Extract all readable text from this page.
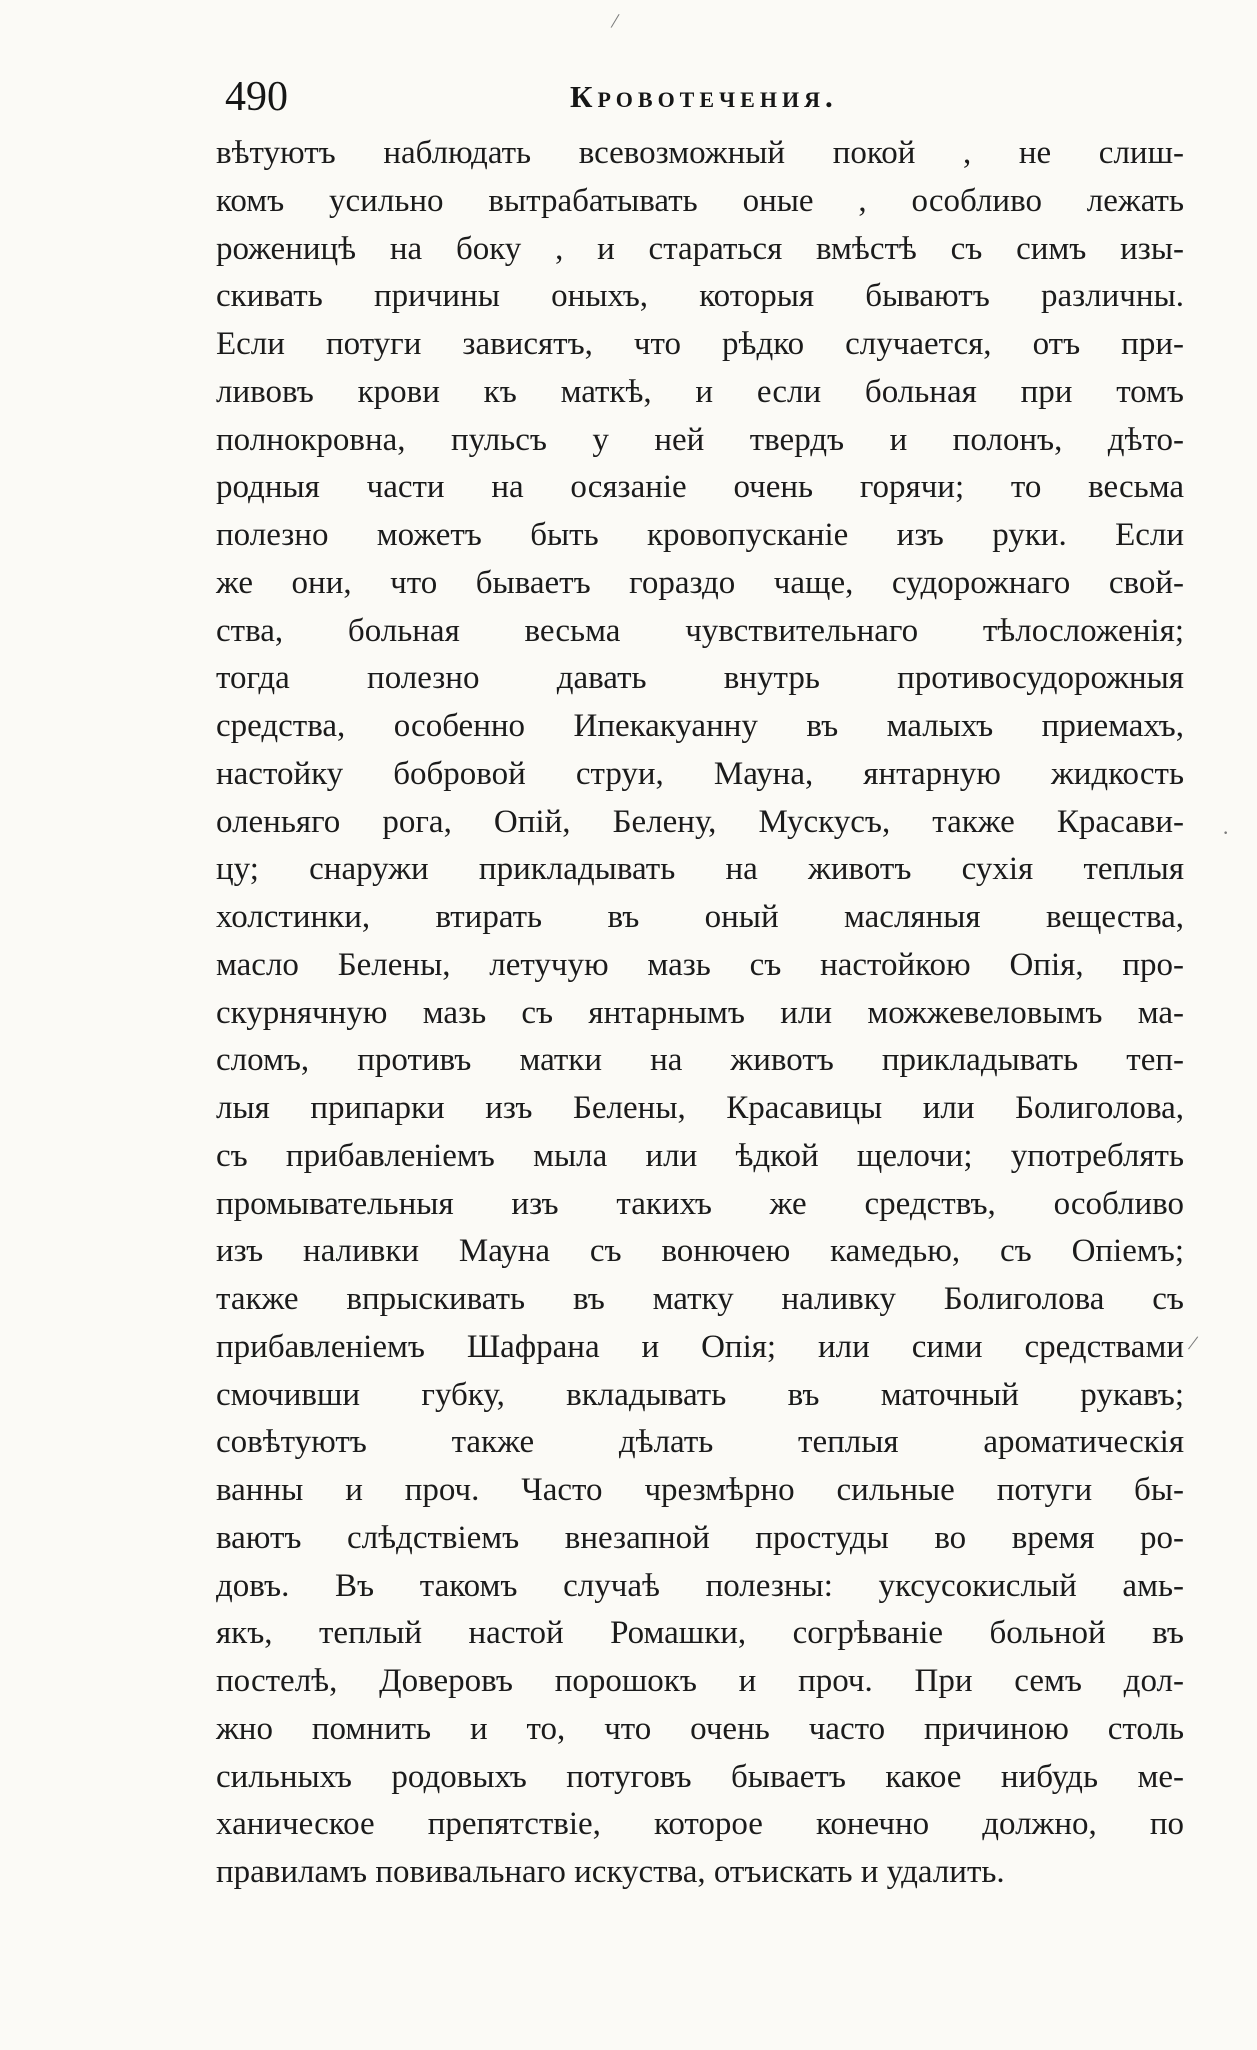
/
·
/
490	Кровотечения.
вѣтуютъ наблюдать всевозможный покой , не слиш-
комъ усильно вытрабатывать оные , особливо лежать
роженицѣ на боку , и стараться вмѣстѣ съ симъ изы-
скивать причины оныхъ, которыя бываютъ различны.
Если потуги зависятъ, что рѣдко случается, отъ при-
ливовъ крови къ маткѣ, и если больная при томъ
полнокровна, пульсъ у ней твердъ и полонъ, дѣто-
родныя части на осязаніе очень горячи; то весьма
полезно можетъ быть кровопусканіе изъ руки. Если
же они, что бываетъ гораздо чаще, судорожнаго свой-
ства, больная весьма чувствительнаго тѣлосложенія;
тогда полезно давать внутрь противосудорожныя
средства, особенно Ипекакуанну въ малыхъ приемахъ,
настойку бобровой струи, Мауна, янтарную жидкость
оленьяго рога, Опій, Белену, Мускусъ, также Красави-
цу; снаружи прикладывать на животъ сухія теплыя
холстинки, втирать въ оный масляныя вещества,
масло Белены, летучую мазь съ настойкою Опія, про-
скурнячную мазь съ янтарнымъ или можжевеловымъ ма-
сломъ, противъ матки на животъ прикладывать теп-
лыя припарки изъ Белены, Красавицы или Болиголова,
съ прибавленіемъ мыла или ѣдкой щелочи; употреблять
промывательныя изъ такихъ же средствъ, особливо
изъ наливки Мауна съ вонючею камедью, съ Опіемъ;
также впрыскивать въ матку наливку Болиголова съ
прибавленіемъ Шафрана и Опія; или сими средствами
смочивши губку, вкладывать въ маточный рукавъ;
совѣтуютъ также дѣлать теплыя ароматическія
ванны и проч. Часто чрезмѣрно сильные потуги бы-
ваютъ слѣдствіемъ внезапной простуды во время ро-
довъ. Въ такомъ случаѣ полезны: уксусокислый амь-
якъ, теплый настой Ромашки, согрѣваніе больной въ
постелѣ, Доверовъ порошокъ и проч. При семъ дол-
жно помнить и то, что очень часто причиною столь
сильныхъ родовыхъ потуговъ бываетъ какое нибудь ме-
ханическое препятствіе, которое конечно должно, по
правиламъ повивальнаго искуства, отъискать и удалить.
